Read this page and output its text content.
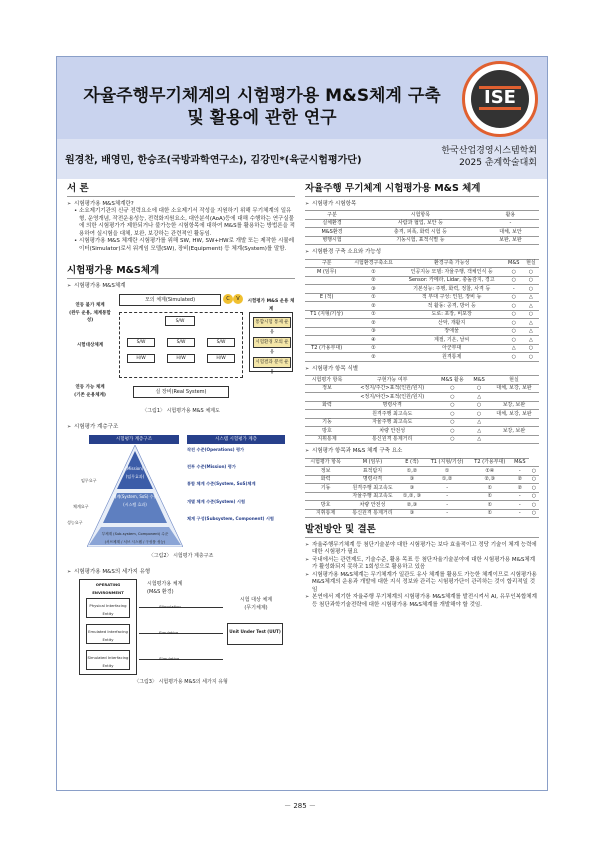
자율주행무기체계의 시험평가용 M&S체계 구축
및 활용에 관한 연구
ISE
원경찬, 배영민, 한승조(국방과학연구소), 김강민*(육군시험평가단)
한국산업경영시스템학회
2025 춘계학술대회
서 론
➢ 시험평가용 M&S체계란?
• 소요제기기관의 신규 전력요소에 대한 소요제기서 작성을 지원하기 위해 무기체계의 일유형, 운영개념, 작전운용성능, 전력화지원요소, 대안분석(AoA)등에 대해 수행하는 연구실물에 의한 시험평가가 제한되거나 불가능한 시험항목에 대하여 M&S를 활용하는 방법론을 적용하여 실시험을 대체, 보완, 보강하는 관련적인 활동임.
• 시험평가용 M&S 체계란 시험평가를 위해 SW, HW, SW+HW로 개발 또는 제작한 시뮬레이터(Simulator)로서 워게임 모델(SW), 장비(Equipment) 등 체계(System)를 말함.
시험평가용 M&S체계
➢ 시험평가용 M&S체계
연동 불가 체계
(완두 운용, 체계통합성)
시험대상체계
연동 가능 체계
(기존 운용체계)
모의 체계(Simulated)	C	V
S/W
S/W	S/W	S/W
H/W	H/W	H/W
실 장비(Real System)
시험평가 M&S 운용 체계
통합시험 통제 운용
시험환경 모의 운용
시험결과 분석 운용
〈그림1〉 시험평가용 M&S 체계도
➢ 시험평가 계층구조
시험평가 계층구조
임무요구
전투(Mission) 수준
(임무효과)
체계요구
체계(System, SoS) 수준
(시스템 효과)
성능요구
부체계 (Sub-system, Component) 수준
(서브체계 / 서브 시스템 / 구성품 성능)
시스템 시험평가 계층
작전 수준(Operations) 평가
전투 수준(Mission) 평가
통합 체계 수준(System, SoS)체계
개별 체계 수준(System) 시험
체계 구성(Subsystem, Component) 시험
〈그림2〉 시험평가 계층구조
➢ 시험평가용 M&S의 세가지 유형
OPERATING ENVIRONMENT
Physical Interfacing Entity
Emulated Interfacing Entity
Simulated Interfacing Entity
시험평가용 체계
(M&S 환경)
Stimulation
Emulation
Simulation
시험 대상 체계
(무기체계)
Unit Under Test (UUT)
〈그림3〉 시험평가용 M&S의 세가지 유형
자율주행 무기체계 시험평가용 M&S 체계
➢ 시험평가 시험항목
구분	시험항목	활용
실체환경	사람과 협업, 보안 등	-
M&S환경	충격, 피폭, 화력 시험 등	대체, 보안
병행시험	기동시험, 표적식별 등	보완, 보완
➢ 시험환경 구축 소요와 가능성
구분	시험환경구축소요	환경구축 가능성	M&S	현실
M (임무)	①	인공지능 모델: 자율주행, 객체인식 등	○	○
	②	Sensor: 카메라, Lidar, 충돌감지, 경고	○	○
	③	기본성능: 주행, 화력, 정찰, 사격 등	-	○
E (적)	①	적 부대 구성: 인원, 장비 등	○	△
	②	적 활동: 공격, 방어 등	○	△
T1 (지형/기상)	①	도로: 포장, 비포장	○	○
	②	산악, 개활지	○	△
	③	장애물	○	△
	④	계절, 기온, 날씨	○	△
T2 (가용부대)	①	아군부대	△	○
	②	원격통제	○	○
➢ 시험평가 항목 식별
시험평가 항목	구현가능 여부	M&S 활용	M&S	현실
정보	<정지/주간>표적(인원/원지)	○	○	대체, 보강, 보완
	<정지/야간>표적(인원/원지)	○	△	
화력	명령사격	○	○	보강, 보완
	원격주행 최고속도	○	○	대체, 보강, 보완
기동	자율주행 최고속도	○	△	
방호	차량 안전성	○	△	보강, 보완
지휘통제	통신원격 통제거리	○	△	
➢ 시험평가 항목과 M&S 체계 구축 요소
시험평가 항목	M (임무)	E (적)	T1 (지형/기상)	T2 (가용부대)	M&S	
정보	표적탐지	①,②	①	①④	-	○
화력	명령사격	③	①,②	②,③	②	○
기동	원격주행 최고속도	③	-	①	②	○
	자율주행 최고속도	①,②, ③	-	①	-	○
방호	차량 안전성	②,③	-	①	-	○
지휘통제	통신원격 통제거리	③	-	①	-	○
발전방안 및 결론
➢ 자율주행무기체계 등 첨단기술분야 대한 시험평가는 보다 효율적이고 정당 기술이 체계 능력에 대한 시험평가 필요
➢ 국내에서는 관련제도, 기술수준, 활용 목표 등 첨단자율기술분야에 대한 시험평가용 M&S체계가 활성화되지 못하고 1회성으로 활용하고 있음
➢ 시험평가용 M&S체계는 무기체계가 일관도 유사 체계를 활용도 가능한 체계이므로 시험평가용 M&S체계의 운용과 개발에 대한 지식 정보와 관리는 시험평가단이 관리하는 것이 합리적일 것임
➢ 본연에서 제기한 자율주행 무기체계의 시험평가용 M&S체계를 발전시켜서 AI, 유무인복합체계 등 첨단과학기술전략에 대한 시험평가용 M&S체계를 개발해야 할 것임.
－ 285 －
